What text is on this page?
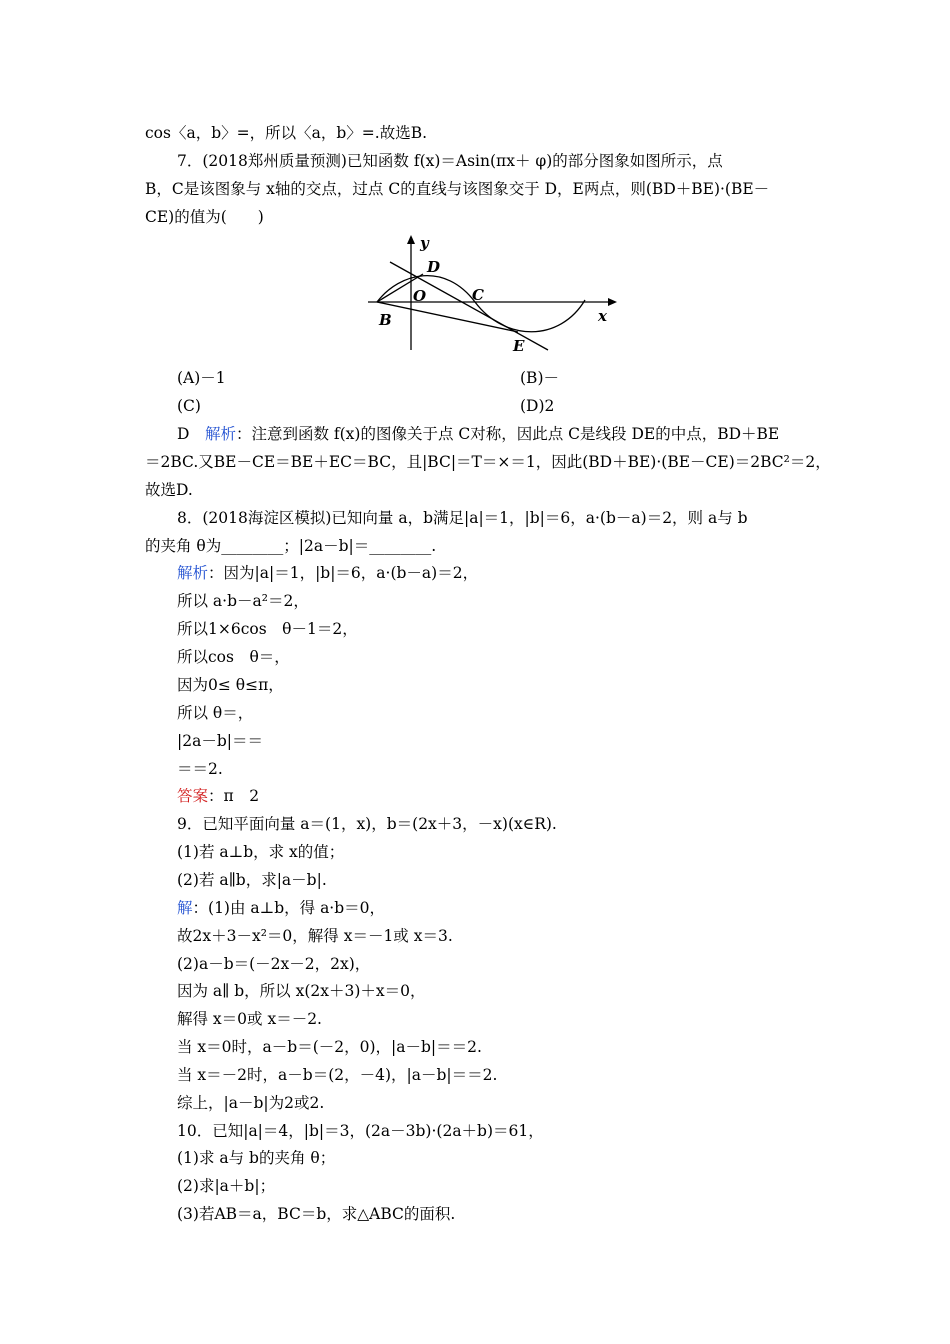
cos〈a，b〉=，所以〈a，b〉=.故选B.
7．(2018郑州质量预测)已知函数 f(x)＝Asin(πx＋ φ)的部分图象如图所示，点
B，C是该图象与 x轴的交点，过点 C的直线与该图象交于 D，E两点，则(BD＋BE)·(BE－
CE)的值为(　　)
y
x
D
O	C
B
E
(A)－1	(B)－
(C)	(D)2
D　解析：注意到函数 f(x)的图像关于点 C对称，因此点 C是线段 DE的中点，BD＋BE
＝2BC.又BE－CE＝BE＋EC＝BC，且|BC|＝T＝×＝1，因此(BD＋BE)·(BE－CE)＝2BC²＝2，
故选D.
8．(2018海淀区模拟)已知向量 a，b满足|a|＝1，|b|＝6，a·(b－a)＝2，则 a与 b
的夹角 θ为________；|2a－b|＝________.
解析：因为|a|＝1，|b|＝6，a·(b－a)＝2，
所以 a·b－a²＝2，
所以1×6cos　θ－1＝2，
所以cos　θ＝，
因为0≤ θ≤π，
所以 θ＝，
|2a－b|＝＝
＝＝2.
答案：π　2
9．已知平面向量 a＝(1，x)，b＝(2x＋3，－x)(x∈R).
(1)若 a⊥b，求 x的值；
(2)若 a∥b，求|a－b|.
解：(1)由 a⊥b，得 a·b＝0，
故2x＋3－x²＝0，解得 x＝－1或 x＝3.
(2)a－b＝(－2x－2，2x)，
因为 a∥ b，所以 x(2x＋3)＋x＝0，
解得 x＝0或 x＝－2.
当 x＝0时，a－b＝(－2，0)，|a－b|＝＝2.
当 x＝－2时，a－b＝(2，－4)，|a－b|＝＝2.
综上，|a－b|为2或2.
10．已知|a|＝4，|b|＝3，(2a－3b)·(2a＋b)＝61，
(1)求 a与 b的夹角 θ；
(2)求|a＋b|；
(3)若AB＝a，BC＝b，求△ABC的面积.
